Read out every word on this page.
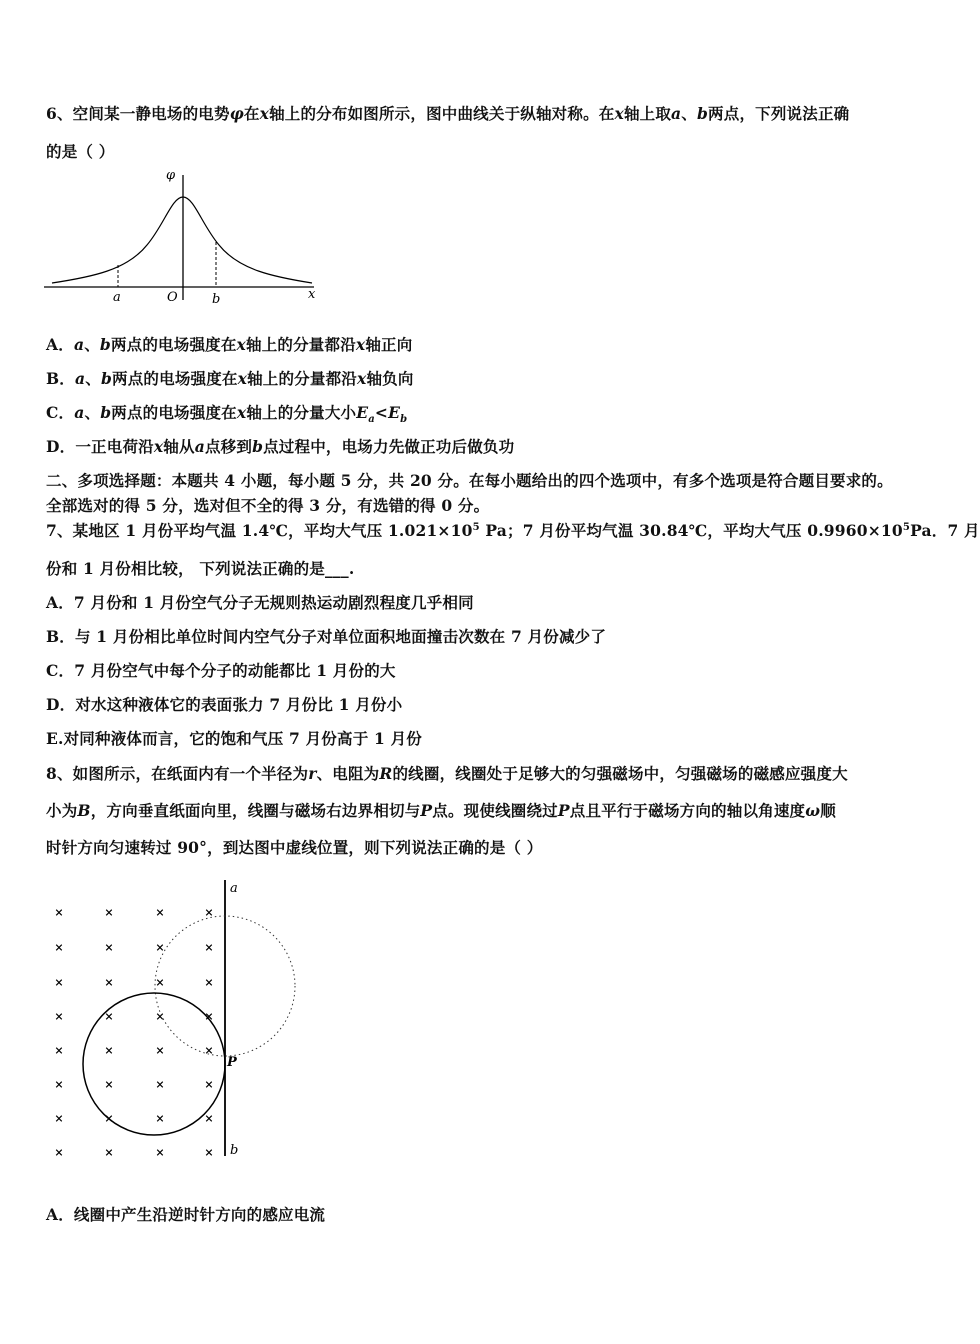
6、空间某一静电场的电势φ在x轴上的分布如图所示，图中曲线关于纵轴对称。在x轴上取a、b两点，下列说法正确
的是（ ）
φ
a	O	b	x
A．a、b两点的电场强度在x轴上的分量都沿x轴正向
B．a、b两点的电场强度在x轴上的分量都沿x轴负向
C．a、b两点的电场强度在x轴上的分量大小$E_a<E_b$
D．一正电荷沿x轴从a点移到b点过程中，电场力先做正功后做负功
二、多项选择题：本题共 4 小题，每小题 5 分，共 20 分。在每小题给出的四个选项中，有多个选项是符合题目要求的。
全部选对的得 5 分，选对但不全的得 3 分，有选错的得 0 分。
7、某地区 1 月份平均气温 1.4℃，平均大气压 $1.021\times 10^5$ Pa；7 月份平均气温 30.84℃，平均大气压 $0.9960\times 10^5Pa$．7 月
份和 1 月份相比较， 下列说法正确的是___.
A．7 月份和 1 月份空气分子无规则热运动剧烈程度几乎相同
B．与 1 月份相比单位时间内空气分子对单位面积地面撞击次数在 7 月份减少了
C．7 月份空气中每个分子的动能都比 1 月份的大
D．对水这种液体它的表面张力 7 月份比 1 月份小
E.对同种液体而言，它的饱和气压 7 月份高于 1 月份
8、如图所示，在纸面内有一个半径为r、电阻为R的线圈，线圈处于足够大的匀强磁场中，匀强磁场的磁感应强度大
小为B，方向垂直纸面向里，线圈与磁场右边界相切与P点。现使线圈绕过P点且平行于磁场方向的轴以角速度ω顺
时针方向匀速转过 90°，到达图中虚线位置，则下列说法正确的是（ ）
×	×	×	×
×	×	×	×
×	×	×	×
×	×	×	×
×	×	×	×
×	×	×	×
×	×	×	×
×	×	×	×
a
P
b
A．线圈中产生沿逆时针方向的感应电流
